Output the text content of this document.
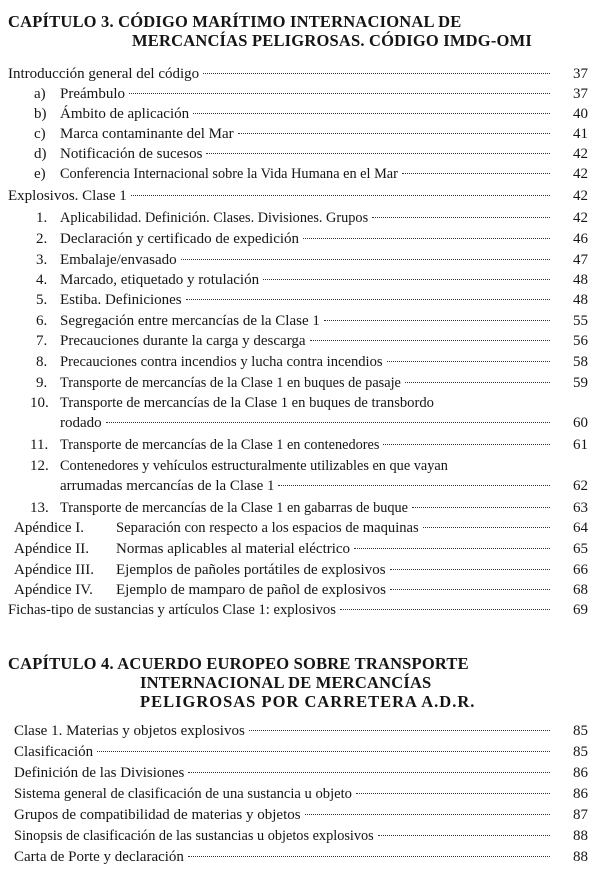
CAPÍTULO 3. CÓDIGO MARÍTIMO INTERNACIONAL DE
MERCANCÍAS PELIGROSAS. CÓDIGO IMDG-OMI
Introducción general del código	37
a) Preámbulo	37
b) Ámbito de aplicación	40
c) Marca contaminante del Mar	41
d) Notificación de sucesos	42
e)	Conferencia Internacional sobre la Vida Humana en el Mar	42
Explosivos. Clase 1	42
1. Aplicabilidad. Definición. Clases. Divisiones. Grupos	42
2. Declaración y certificado de expedición	46
3. Embalaje/envasado	47
4. Marcado, etiquetado y rotulación	48
5. Estiba. Definiciones	48
6. Segregación entre mercancías de la Clase 1	55
7. Precauciones durante la carga y descarga	56
8. Precauciones contra incendios y lucha contra incendios	58
9. Transporte de mercancías de la Clase 1 en buques de pasaje	59
10. Transporte de mercancías de la Clase 1 en buques de transbordo
rodado	60
11. Transporte de mercancías de la Clase 1 en contenedores	61
12. Contenedores y vehículos estructuralmente utilizables en que vayan
arrumadas mercancías de la Clase 1	62
13. Transporte de mercancías de la Clase 1 en gabarras de buque	63
Apéndice I.	Separación con respecto a los espacios de maquinas	64
Apéndice II.	Normas aplicables al material eléctrico	65
Apéndice III.	Ejemplos de pañoles portátiles de explosivos	66
Apéndice IV.	Ejemplo de mamparo de pañol de explosivos	68
Fichas-tipo de sustancias y artículos Clase 1: explosivos	69
CAPÍTULO 4. ACUERDO EUROPEO SOBRE TRANSPORTE
INTERNACIONAL DE MERCANCÍAS
PELIGROSAS POR CARRETERA A.D.R.
Clase 1. Materias y objetos explosivos	85
Clasificación	85
Definición de las Divisiones	86
Sistema general de clasificación de una sustancia u objeto	86
Grupos de compatibilidad de materias y objetos	87
Sinopsis de clasificación de las sustancias u objetos explosivos	88
Carta de Porte y declaración	88
